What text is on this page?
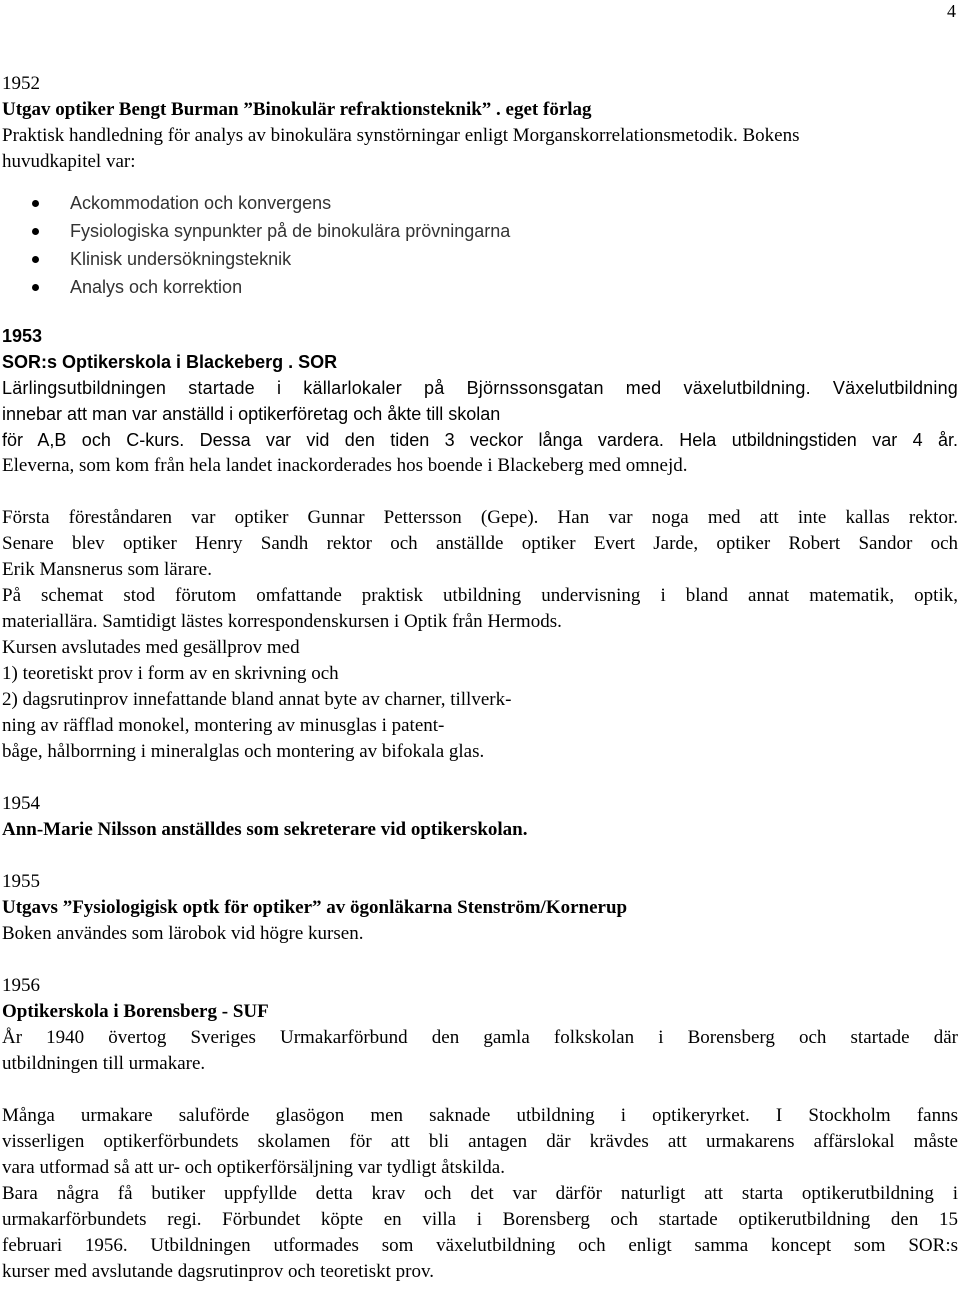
4
1952
Utgav optiker Bengt Burman ”Binokulär refraktionsteknik” . eget förlag
Praktisk handledning för analys av binokulära synstörningar enligt Morganskorrelationsmetodik. Bokens
huvudkapitel var:
Ackommodation och konvergens
Fysiologiska synpunkter på de binokulära prövningarna
Klinisk undersökningsteknik
Analys och korrektion
1953
SOR:s Optikerskola i Blackeberg . SOR
Lärlingsutbildningen startade i källarlokaler på Björnssonsgatan med växelutbildning. Växelutbildning
innebar att man var anställd i optikerföretag och åkte till skolan
för A,B och C-kurs. Dessa var vid den tiden 3 veckor långa vardera. Hela utbildningstiden var 4 år.
Eleverna, som kom från hela landet inackorderades hos boende i Blackeberg med omnejd.
Första föreståndaren var optiker Gunnar Pettersson (Gepe). Han var noga med att inte kallas rektor.
Senare blev optiker Henry Sandh rektor och anställde optiker Evert Jarde, optiker Robert Sandor och
Erik Mansnerus som lärare.
På schemat stod förutom omfattande praktisk utbildning undervisning i bland annat matematik, optik,
materiallära. Samtidigt lästes korrespondenskursen i Optik från Hermods.
Kursen avslutades med gesällprov med
1) teoretiskt prov i form av en skrivning och
2) dagsrutinprov innefattande bland annat byte av charner, tillverk-
ning av räfflad monokel, montering av minusglas i patent-
båge, hålborrning i mineralglas och montering av bifokala glas.
1954
Ann-Marie Nilsson anställdes som sekreterare vid optikerskolan.
1955
Utgavs ”Fysiologigisk optk för optiker” av ögonläkarna Stenström/Kornerup
Boken användes som lärobok vid högre kursen.
1956
Optikerskola i Borensberg - SUF
År 1940 övertog Sveriges Urmakarförbund den gamla folkskolan i Borensberg och startade där
utbildningen till urmakare.
Många urmakare saluförde glasögon men saknade utbildning i optikeryrket. I Stockholm fanns
visserligen optikerförbundets skolamen för att bli antagen där krävdes att urmakarens affärslokal måste
vara utformad så att ur- och optikerförsäljning var tydligt åtskilda.
Bara några få butiker uppfyllde detta krav och det var därför naturligt att starta optikerutbildning i
urmakarförbundets regi. Förbundet köpte en villa i Borensberg och startade optikerutbildning den 15
februari 1956. Utbildningen utformades som växelutbildning och enligt samma koncept som SOR:s
kurser med avslutande dagsrutinprov och teoretiskt prov.
